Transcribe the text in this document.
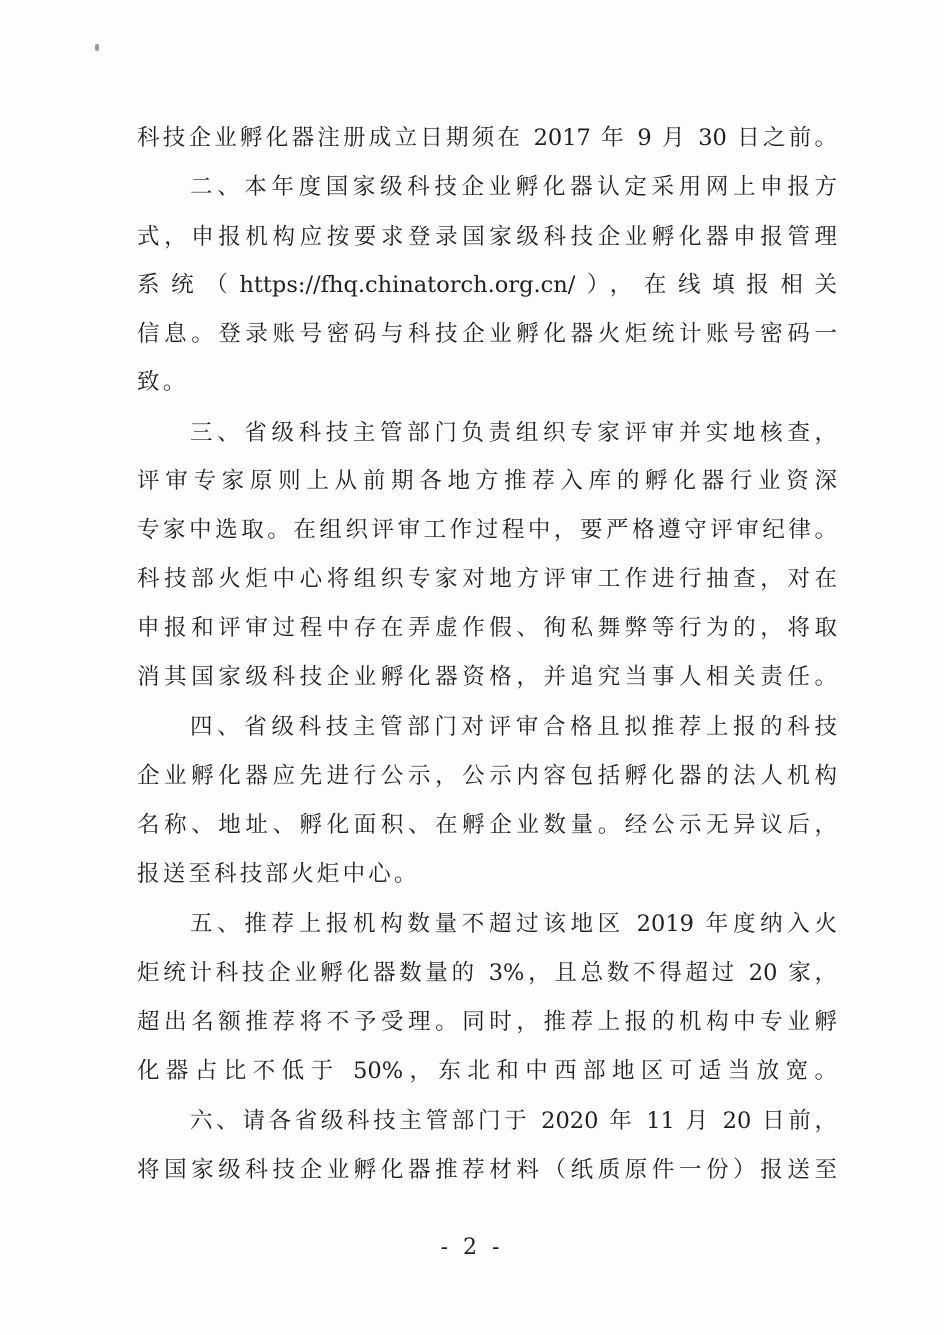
科技企业孵化器注册成立日期须在 2017 年 9 月 30 日之前。
二、本年度国家级科技企业孵化器认定采用网上申报方
式，申报机构应按要求登录国家级科技企业孵化器申报管理
系统（https://fhq.chinatorch.org.cn/），在线填报相关
信息。登录账号密码与科技企业孵化器火炬统计账号密码一
致。
三、省级科技主管部门负责组织专家评审并实地核查，
评审专家原则上从前期各地方推荐入库的孵化器行业资深
专家中选取。在组织评审工作过程中，要严格遵守评审纪律。
科技部火炬中心将组织专家对地方评审工作进行抽查，对在
申报和评审过程中存在弄虚作假、徇私舞弊等行为的，将取
消其国家级科技企业孵化器资格，并追究当事人相关责任。
四、省级科技主管部门对评审合格且拟推荐上报的科技
企业孵化器应先进行公示，公示内容包括孵化器的法人机构
名称、地址、孵化面积、在孵企业数量。经公示无异议后，
报送至科技部火炬中心。
五、推荐上报机构数量不超过该地区 2019 年度纳入火
炬统计科技企业孵化器数量的 3%，且总数不得超过 20 家，
超出名额推荐将不予受理。同时，推荐上报的机构中专业孵
化器占比不低于 50%，东北和中西部地区可适当放宽。
六、请各省级科技主管部门于 2020 年 11 月 20 日前，
将国家级科技企业孵化器推荐材料（纸质原件一份）报送至
- 2 -
